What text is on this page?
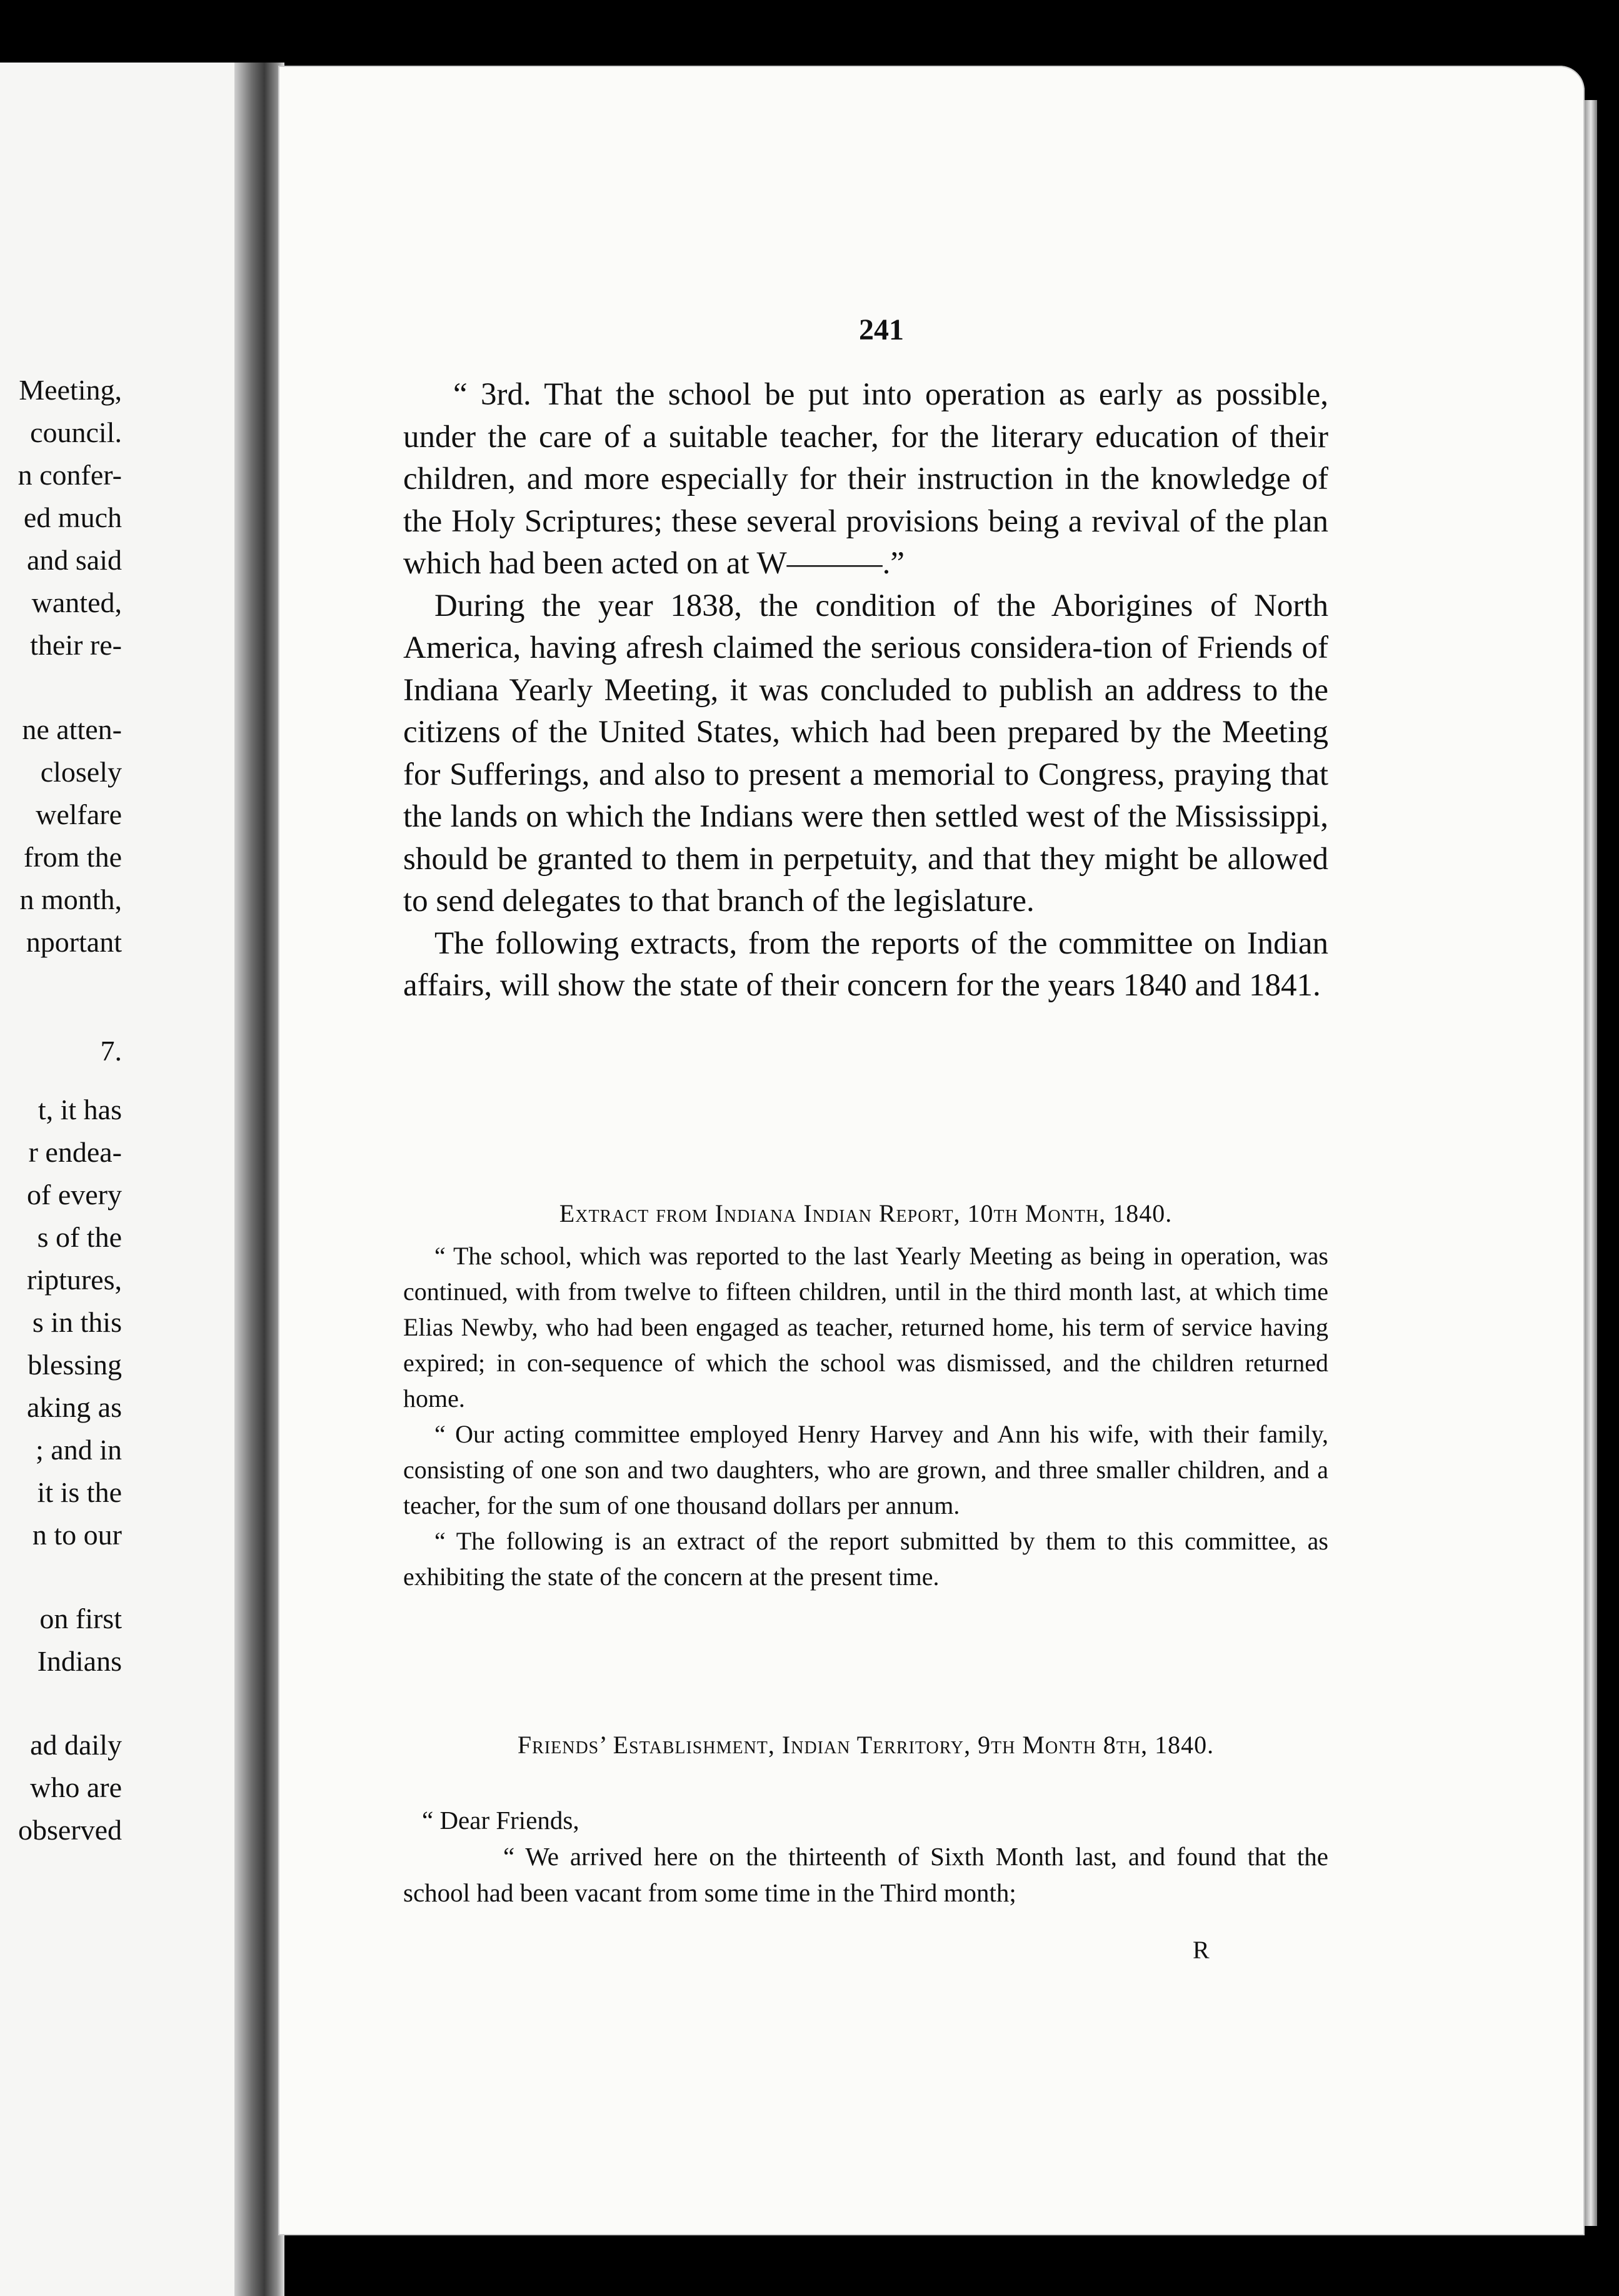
Meeting,
council.
n confer-
ed much
and said
wanted,
their re-
ne atten-
closely
welfare
from the
n month,
nportant
7.
t, it has
r endea-
of every
s of the
riptures,
s in this
blessing
aking as
; and in
it is the
n to our
on first
Indians
ad daily
who are
observed
241

“ 3rd. That the school be put into operation as early as possible, under the care of a suitable teacher, for the literary education of their children, and more especially for their instruction in the knowledge of the Holy Scriptures; these several provisions being a revival of the plan which had been acted on at W———.”

During the year 1838, the condition of the Aborigines of North America, having afresh claimed the serious considera-tion of Friends of Indiana Yearly Meeting, it was concluded to publish an address to the citizens of the United States, which had been prepared by the Meeting for Sufferings, and also to present a memorial to Congress, praying that the lands on which the Indians were then settled west of the Mississippi, should be granted to them in perpetuity, and that they might be allowed to send delegates to that branch of the legislature.

The following extracts, from the reports of the committee on Indian affairs, will show the state of their concern for the years 1840 and 1841.

Extract from Indiana Indian Report, 10th Month, 1840.

“ The school, which was reported to the last Yearly Meeting as being in operation, was continued, with from twelve to fifteen children, until in the third month last, at which time Elias Newby, who had been engaged as teacher, returned home, his term of service having expired; in con-sequence of which the school was dismissed, and the children returned home.

“ Our acting committee employed Henry Harvey and Ann his wife, with their family, consisting of one son and two daughters, who are grown, and three smaller children, and a teacher, for the sum of one thousand dollars per annum.

“ The following is an extract of the report submitted by them to this committee, as exhibiting the state of the concern at the present time.

Friends’ Establishment, Indian Territory, 9th Month 8th, 1840.

“ Dear Friends,

“ We arrived here on the thirteenth of Sixth Month last, and found that the school had been vacant from some time in the Third month;

R
